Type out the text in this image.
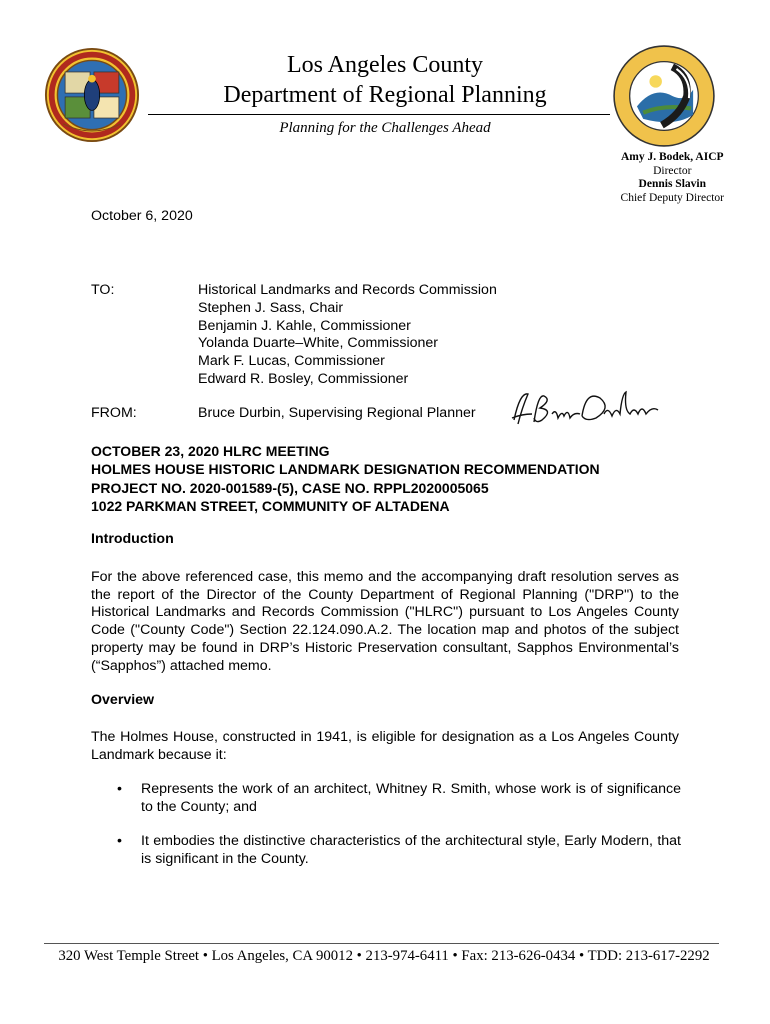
Los Angeles County
Department of Regional Planning
Planning for the Challenges Ahead
Amy J. Bodek, AICP
Director
Dennis Slavin
Chief Deputy Director
October 6, 2020
TO:	Historical Landmarks and Records Commission
Stephen J. Sass, Chair
Benjamin J. Kahle, Commissioner
Yolanda Duarte–White, Commissioner
Mark F. Lucas, Commissioner
Edward R. Bosley, Commissioner
FROM:	Bruce Durbin, Supervising Regional Planner
OCTOBER 23, 2020 HLRC MEETING
HOLMES HOUSE HISTORIC LANDMARK DESIGNATION RECOMMENDATION
PROJECT NO. 2020-001589-(5), CASE NO. RPPL2020005065
1022 PARKMAN STREET, COMMUNITY OF ALTADENA
Introduction
For the above referenced case, this memo and the accompanying draft resolution serves as the report of the Director of the County Department of Regional Planning ("DRP") to the Historical Landmarks and Records Commission ("HLRC") pursuant to Los Angeles County Code ("County Code") Section 22.124.090.A.2. The location map and photos of the subject property may be found in DRP’s Historic Preservation consultant, Sapphos Environmental’s (“Sapphos”) attached memo.
Overview
The Holmes House, constructed in 1941, is eligible for designation as a Los Angeles County Landmark because it:
• Represents the work of an architect, Whitney R. Smith, whose work is of significance to the County; and
• It embodies the distinctive characteristics of the architectural style, Early Modern, that is significant in the County.
320 West Temple Street • Los Angeles, CA 90012 • 213-974-6411 • Fax: 213-626-0434 • TDD: 213-617-2292
